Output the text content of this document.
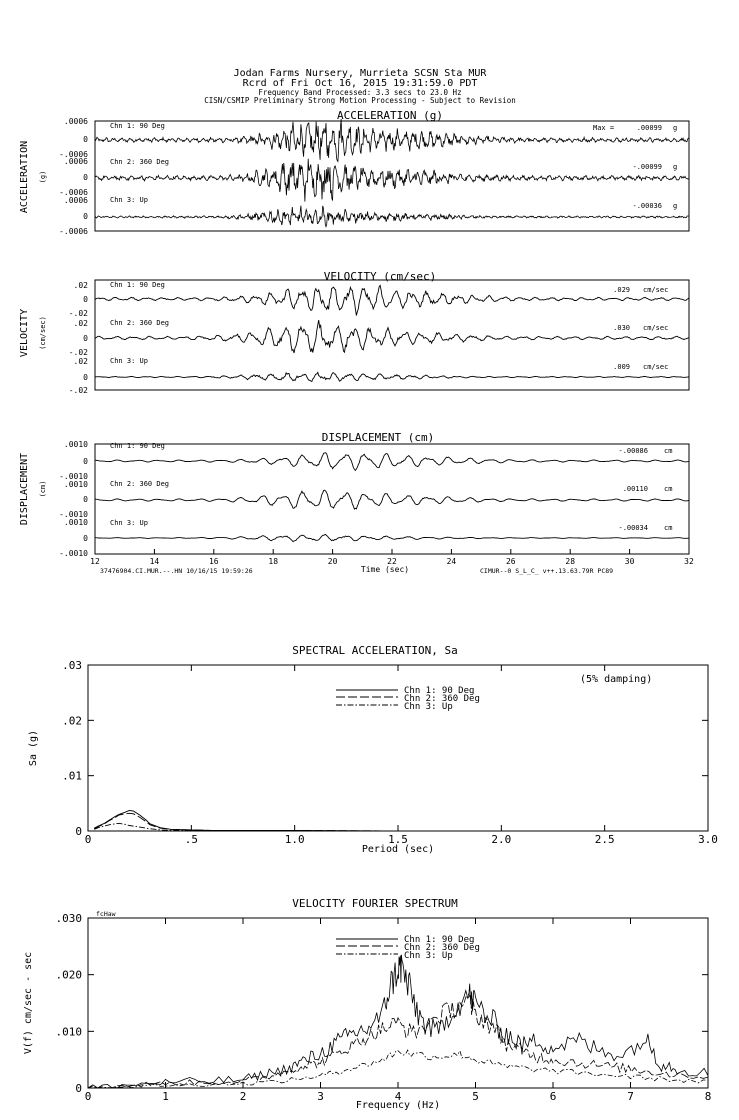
Jodan Farms Nursery, Murrieta SCSN Sta MUR
Rcrd of Fri Oct 16, 2015 19:31:59.0 PDT
Frequency Band Processed: 3.3 secs to 23.0 Hz
CISN/CSMIP Preliminary Strong Motion Processing - Subject to Revision
ACCELERATION (g)
ACCELERATION (g)
.0006
0
-.0006
.0006
0
-.0006
.0006
0
-.0006
Chn 1: 90 Deg
Chn 2: 360 Deg
Chn 3: Up
Max =	.00099 g
-.00099 g
-.00036 g
VELOCITY (cm/sec)
VELOCITY (cm/sec)
.02
0
-.02
.02
0
-.02
.02
0
-.02
Chn 1: 90 Deg
Chn 2: 360 Deg
Chn 3: Up
.029 cm/sec
.030 cm/sec
.009 cm/sec
DISPLACEMENT (cm)
DISPLACEMENT (cm)
.0010
0
-.0010
.0010
0
-.0010
.0010
0
-.0010
Chn 1: 90 Deg
Chn 2: 360 Deg
Chn 3: Up
-.00086 cm
.00110 cm
-.00034 cm
12	14	16	18	20	22	24	26	28	30	32
Time (sec)
37476904.CI.MUR.--.HN 10/16/15 19:59:26	CIMUR--0 S_L_C_ v++.13.63.79R PC89
SPECTRAL ACCELERATION, Sa
Sa (g)
Period (sec)
(5% damping)
0	.5	1.0	1.5	2.0	2.5	3.0
0
.01
.02
.03
Chn 1: 90 Deg
Chn 2: 360 Deg
Chn 3: Up
VELOCITY FOURIER SPECTRUM
V(f) cm/sec - sec
Frequency (Hz)
fcHaw
0	1	2	3	4	5	6	7	8
0
.010
.020
.030
Chn 1: 90 Deg
Chn 2: 360 Deg
Chn 3: Up
